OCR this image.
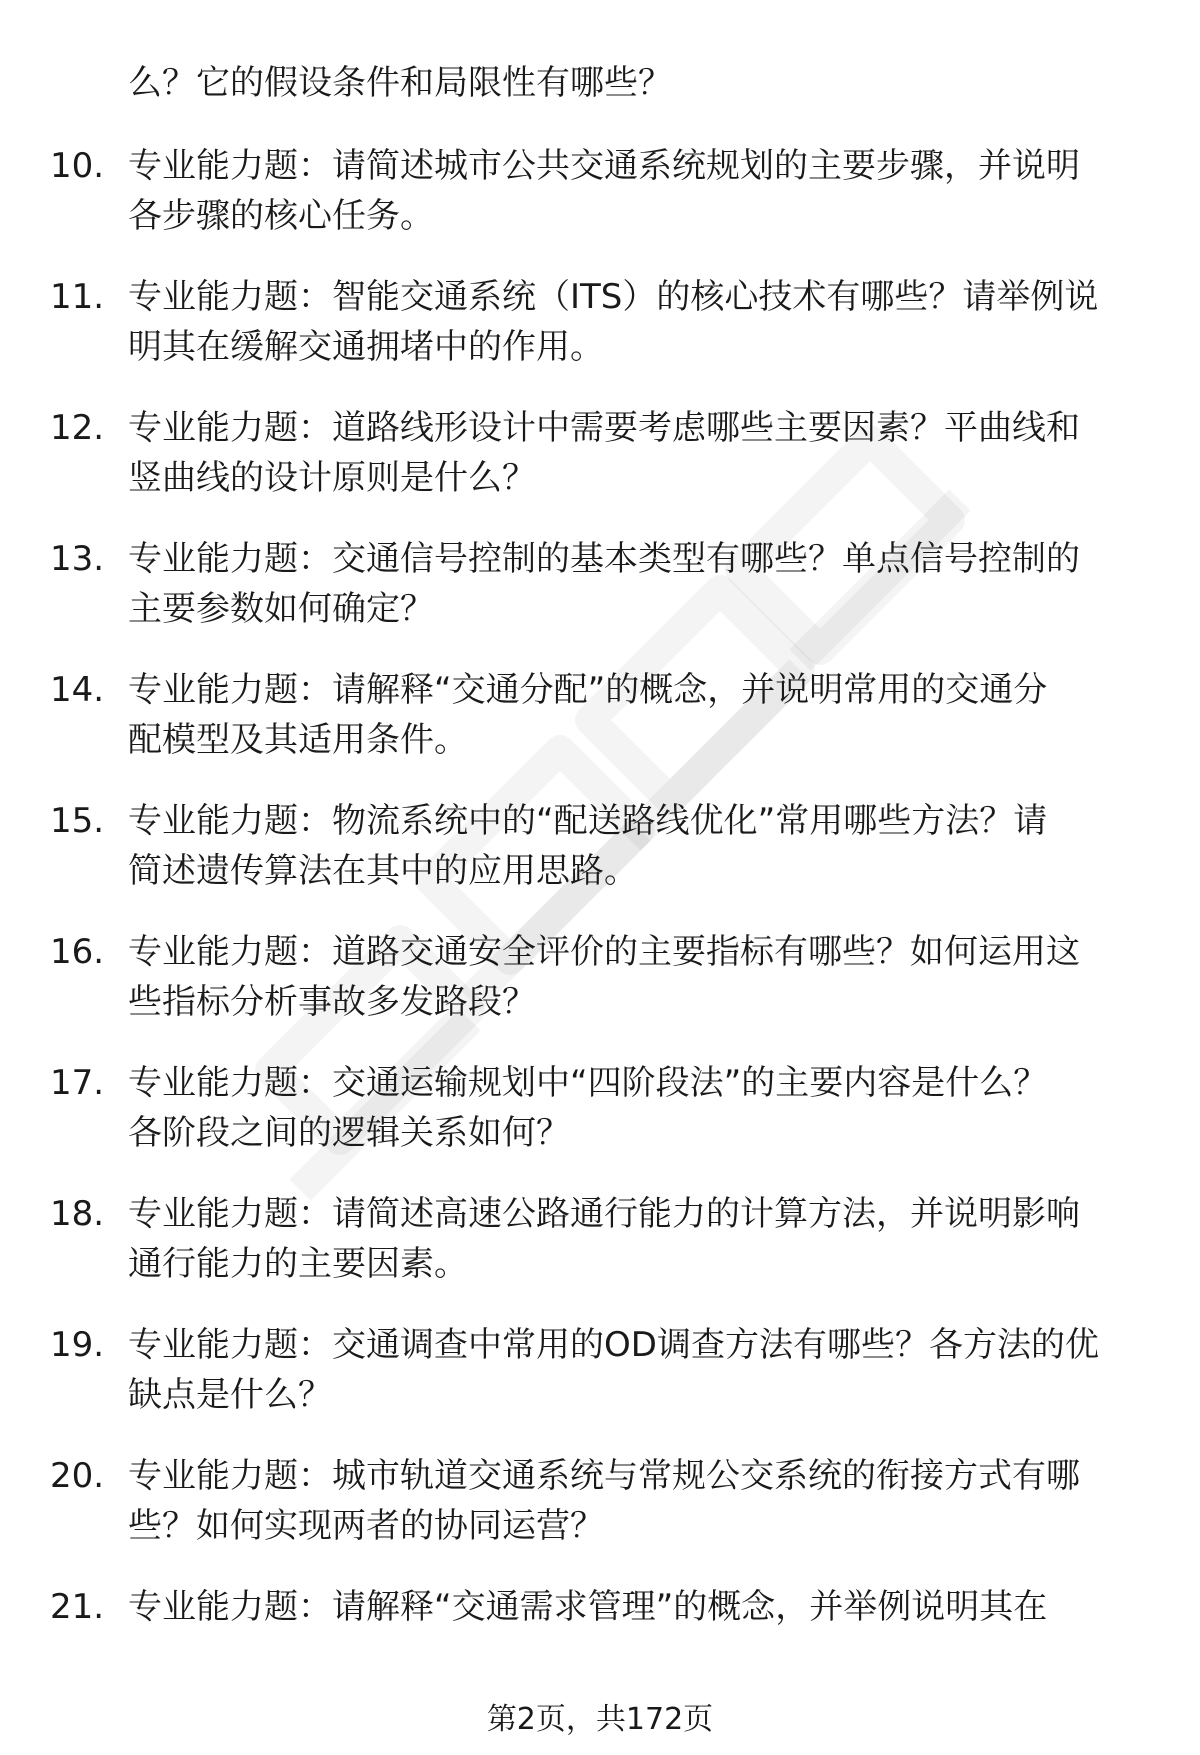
么？它的假设条件和局限性有哪些？
10. 专业能力题：请简述城市公共交通系统规划的主要步骤，并说明
各步骤的核心任务。
11. 专业能力题：智能交通系统（ITS）的核心技术有哪些？请举例说
明其在缓解交通拥堵中的作用。
12. 专业能力题：道路线形设计中需要考虑哪些主要因素？平曲线和
竖曲线的设计原则是什么？
13. 专业能力题：交通信号控制的基本类型有哪些？单点信号控制的
主要参数如何确定？
14. 专业能力题：请解释“交通分配”的概念，并说明常用的交通分
配模型及其适用条件。
15. 专业能力题：物流系统中的“配送路线优化”常用哪些方法？请
简述遗传算法在其中的应用思路。
16. 专业能力题：道路交通安全评价的主要指标有哪些？如何运用这
些指标分析事故多发路段？
17. 专业能力题：交通运输规划中“四阶段法”的主要内容是什么？
各阶段之间的逻辑关系如何？
18. 专业能力题：请简述高速公路通行能力的计算方法，并说明影响
通行能力的主要因素。
19. 专业能力题：交通调查中常用的OD调查方法有哪些？各方法的优
缺点是什么？
20. 专业能力题：城市轨道交通系统与常规公交系统的衔接方式有哪
些？如何实现两者的协同运营？
21. 专业能力题：请解释“交通需求管理”的概念，并举例说明其在
第2页，共172页
